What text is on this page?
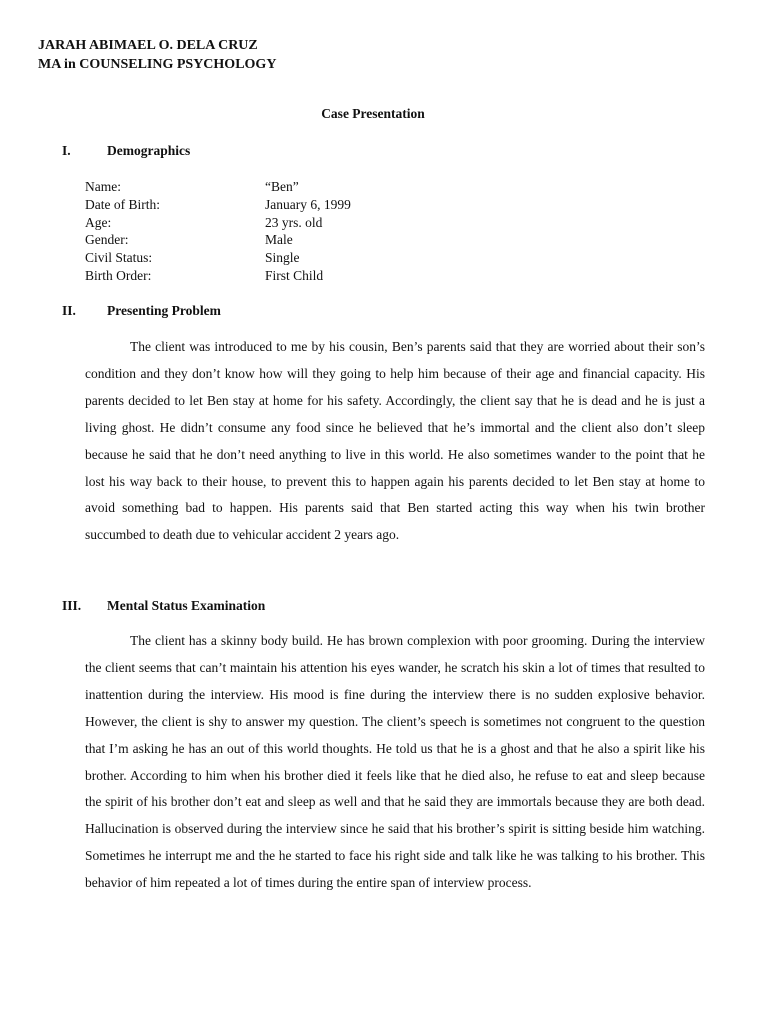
JARAH ABIMAEL O. DELA CRUZ
MA in COUNSELING PSYCHOLOGY
Case Presentation
I.	Demographics
Name:	“Ben”
Date of Birth:	January 6, 1999
Age:	23 yrs. old
Gender:	Male
Civil Status:	Single
Birth Order:	First Child
II. Presenting Problem

The client was introduced to me by his cousin, Ben’s parents said that they are worried about their son’s condition and they don’t know how will they going to help him because of their age and financial capacity. His parents decided to let Ben stay at home for his safety. Accordingly, the client say that he is dead and he is just a living ghost. He didn’t consume any food since he believed that he’s immortal and the client also don’t sleep because he said that he don’t need anything to live in this world. He also sometimes wander to the point that he lost his way back to their house, to prevent this to happen again his parents decided to let Ben stay at home to avoid something bad to happen. His parents said that Ben started acting this way when his twin brother succumbed to death due to vehicular accident 2 years ago.

III. Mental Status Examination

The client has a skinny body build. He has brown complexion with poor grooming. During the interview the client seems that can’t maintain his attention his eyes wander, he scratch his skin a lot of times that resulted to inattention during the interview. His mood is fine during the interview there is no sudden explosive behavior. However, the client is shy to answer my question. The client’s speech is sometimes not congruent to the question that I’m asking he has an out of this world thoughts. He told us that he is a ghost and that he also a spirit like his brother. According to him when his brother died it feels like that he died also, he refuse to eat and sleep because the spirit of his brother don’t eat and sleep as well and that he said they are immortals because they are both dead. Hallucination is observed during the interview since he said that his brother’s spirit is sitting beside him watching. Sometimes he interrupt me and the he started to face his right side and talk like he was talking to his brother. This behavior of him repeated a lot of times during the entire span of interview process.
